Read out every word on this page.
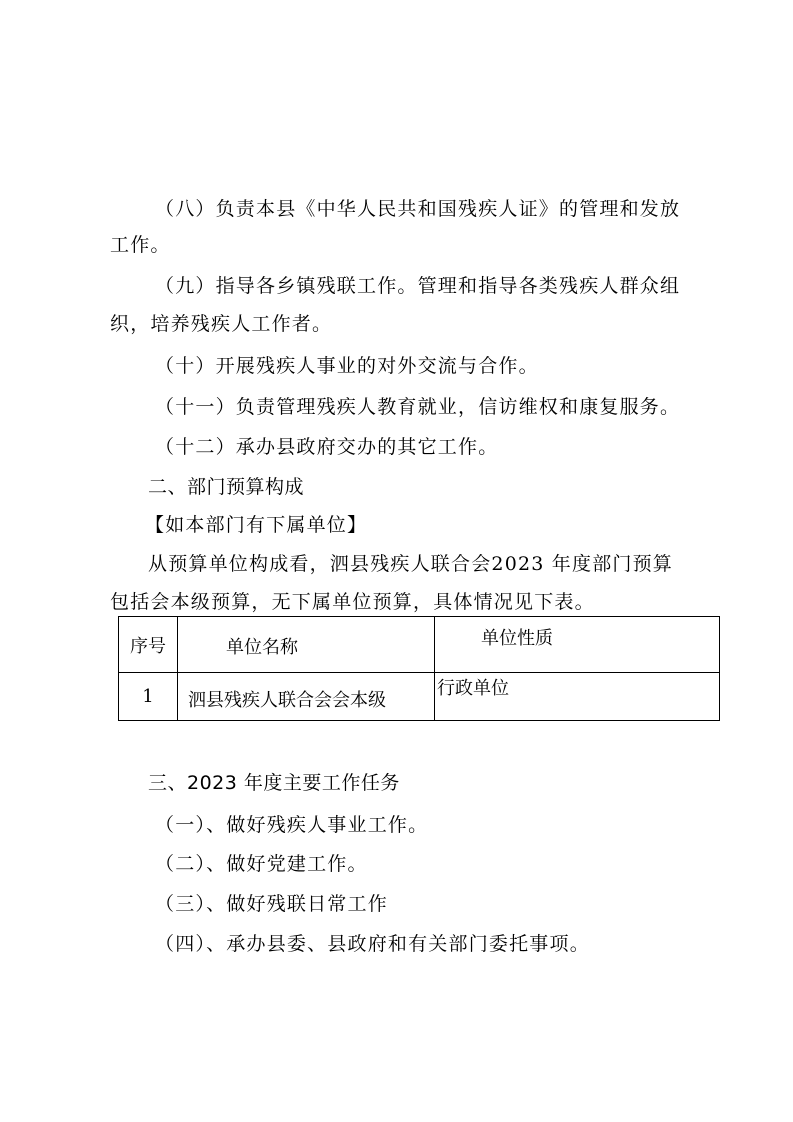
（八）负责本县《中华人民共和国残疾人证》的管理和发放
工作。
（九）指导各乡镇残联工作。管理和指导各类残疾人群众组
织，培养残疾人工作者。
（十）开展残疾人事业的对外交流与合作。
（十一）负责管理残疾人教育就业，信访维权和康复服务。
（十二）承办县政府交办的其它工作。
二、部门预算构成
【如本部门有下属单位】
从预算单位构成看，泗县残疾人联合会2023 年度部门预算
包括会本级预算，无下属单位预算，具体情况见下表。
序号	单位名称	单位性质
1	泗县残疾人联合会会本级	行政单位
三、2023 年度主要工作任务
（一）、做好残疾人事业工作。
（二）、做好党建工作。
（三）、做好残联日常工作
（四）、承办县委、县政府和有关部门委托事项。
